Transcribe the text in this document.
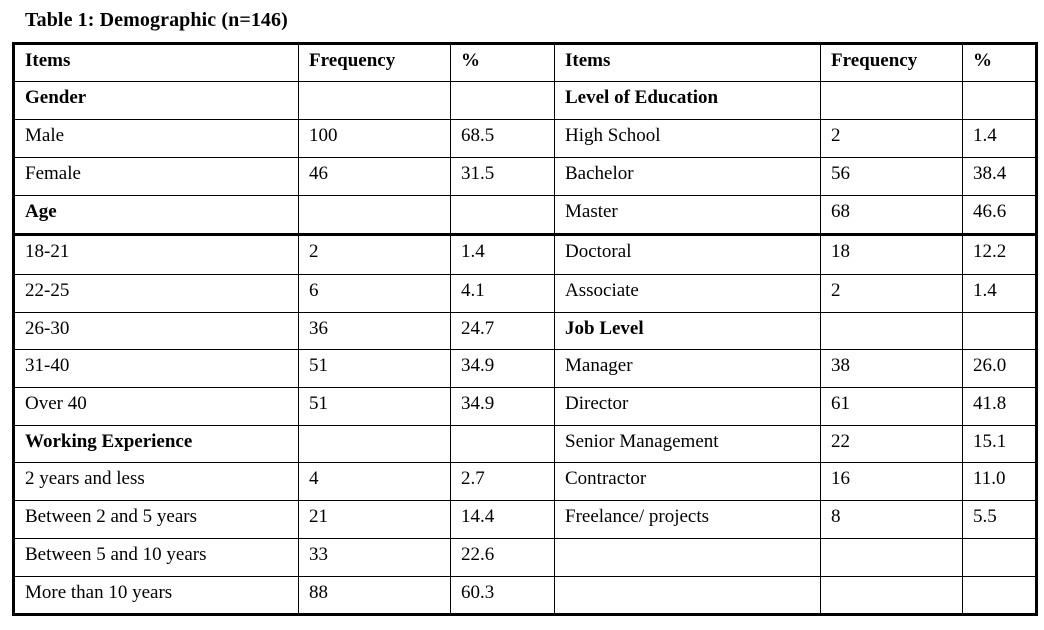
Table 1: Demographic (n=146)
Items	Frequency	%	Items	Frequency	%

Gender			Level of Education		

Male	100	68.5	High School	2	1.4

Female	46	31.5	Bachelor	56	38.4

Age			Master	68	46.6

18-21	2	1.4	Doctoral	18	12.2

22-25	6	4.1	Associate	2	1.4

26-30	36	24.7	Job Level		

31-40	51	34.9	Manager	38	26.0

Over 40	51	34.9	Director	61	41.8

Working Experience			Senior Management	22	15.1

2 years and less	4	2.7	Contractor	16	11.0

Between 2 and 5 years	21	14.4	Freelance/ projects	8	5.5

Between 5 and 10 years	33	22.6			

More than 10 years	88	60.3			
